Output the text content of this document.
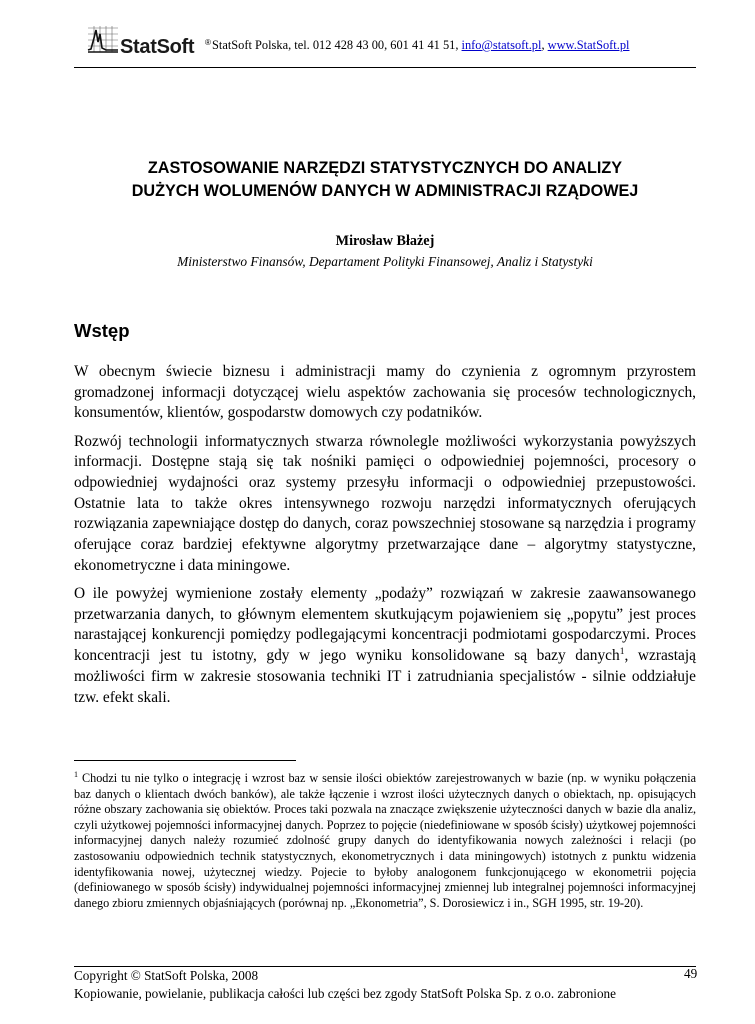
StatSoft ® StatSoft Polska, tel. 012 428 43 00, 601 41 41 51, info@statsoft.pl, www.StatSoft.pl
ZASTOSOWANIE NARZĘDZI STATYSTYCZNYCH DO ANALIZY
DUŻYCH WOLUMENÓW DANYCH W ADMINISTRACJI RZĄDOWEJ
Mirosław Błażej
Ministerstwo Finansów, Departament Polityki Finansowej, Analiz i Statystyki
Wstęp

W obecnym świecie biznesu i administracji mamy do czynienia z ogromnym przyrostem gromadzonej informacji dotyczącej wielu aspektów zachowania się procesów technologicznych, konsumentów, klientów, gospodarstw domowych czy podatników.

Rozwój technologii informatycznych stwarza równolegle możliwości wykorzystania powyższych informacji. Dostępne stają się tak nośniki pamięci o odpowiedniej pojemności, procesory o odpowiedniej wydajności oraz systemy przesyłu informacji o odpowiedniej przepustowości. Ostatnie lata to także okres intensywnego rozwoju narzędzi informatycznych oferujących rozwiązania zapewniające dostęp do danych, coraz powszechniej stosowane są narzędzia i programy oferujące coraz bardziej efektywne algorytmy przetwarzające dane – algorytmy statystyczne, ekonometryczne i data miningowe.

O ile powyżej wymienione zostały elementy „podaży” rozwiązań w zakresie zaawansowanego przetwarzania danych, to głównym elementem skutkującym pojawieniem się „popytu” jest proces narastającej konkurencji pomiędzy podlegającymi koncentracji podmiotami gospodarczymi. Proces koncentracji jest tu istotny, gdy w jego wyniku konsolidowane są bazy danych$^1$, wzrastają możliwości firm w zakresie stosowania techniki IT i zatrudniania specjalistów - silnie oddziałuje tzw. efekt skali.

$^1$ Chodzi tu nie tylko o integrację i wzrost baz w sensie ilości obiektów zarejestrowanych w bazie (np. w wyniku połączenia baz danych o klientach dwóch banków), ale także łączenie i wzrost ilości użytecznych danych o obiektach, np. opisujących różne obszary zachowania się obiektów. Proces taki pozwala na znaczące zwiększenie użyteczności danych w bazie dla analiz, czyli użytkowej pojemności informacyjnej danych. Poprzez to pojęcie (niedefiniowane w sposób ścisły) użytkowej pojemności informacyjnej danych należy rozumieć zdolność grupy danych do identyfikowania nowych zależności i relacji (po zastosowaniu odpowiednich technik statystycznych, ekonometrycznych i data miningowych) istotnych z punktu widzenia identyfikowania nowej, użytecznej wiedzy. Pojecie to byłoby analogonem funkcjonującego w ekonometrii pojęcia (definiowanego w sposób ścisły) indywidualnej pojemności informacyjnej zmiennej lub integralnej pojemności informacyjnej danego zbioru zmiennych objaśniających (porównaj np. „Ekonometria”, S. Dorosiewicz i in., SGH 1995, str. 19-20).
Copyright © StatSoft Polska, 2008
Kopiowanie, powielanie, publikacja całości lub części bez zgody StatSoft Polska Sp. z o.o. zabronione
49
